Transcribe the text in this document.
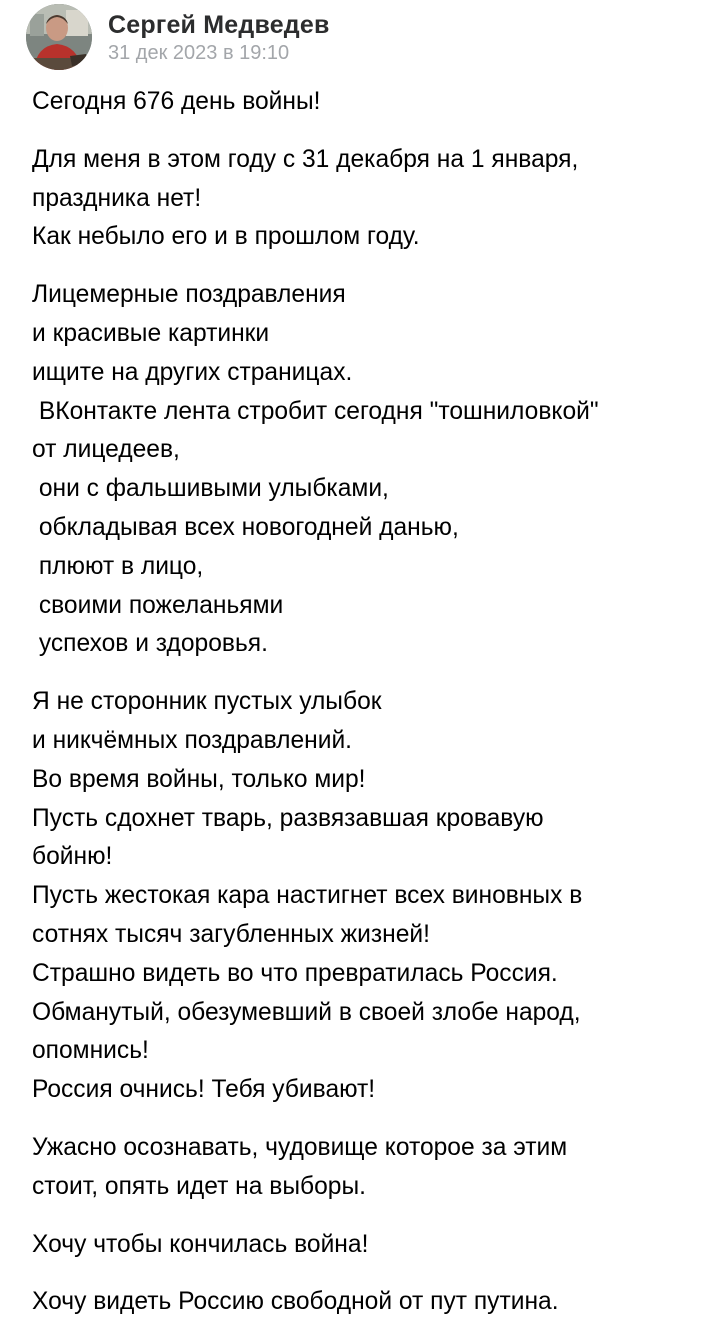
Сергей Медведев
31 дек 2023 в 19:10
Сегодня 676 день войны!
Для меня в этом году с 31 декабря на 1 января,
праздника нет!
Как небыло его и в прошлом году.
Лицемерные поздравления
и красивые картинки
ищите на других страницах.
ВКонтакте лента стробит сегодня "тошниловкой"
от лицедеев,
они с фальшивыми улыбками,
обкладывая всех новогодней данью,
плюют в лицо,
своими пожеланьями
успехов и здоровья.
Я не сторонник пустых улыбок
и никчёмных поздравлений.
Во время войны, только мир!
Пусть сдохнет тварь, развязавшая кровавую
бойню!
Пусть жестокая кара настигнет всех виновных в
сотнях тысяч загубленных жизней!
Страшно видеть во что превратилась Россия.
Обманутый, обезумевший в своей злобе народ,
опомнись!
Россия очнись! Тебя убивают!
Ужасно осознавать, чудовище которое за этим
стоит, опять идет на выборы.
Хочу чтобы кончилась война!
Хочу видеть Россию свободной от пут путина.
